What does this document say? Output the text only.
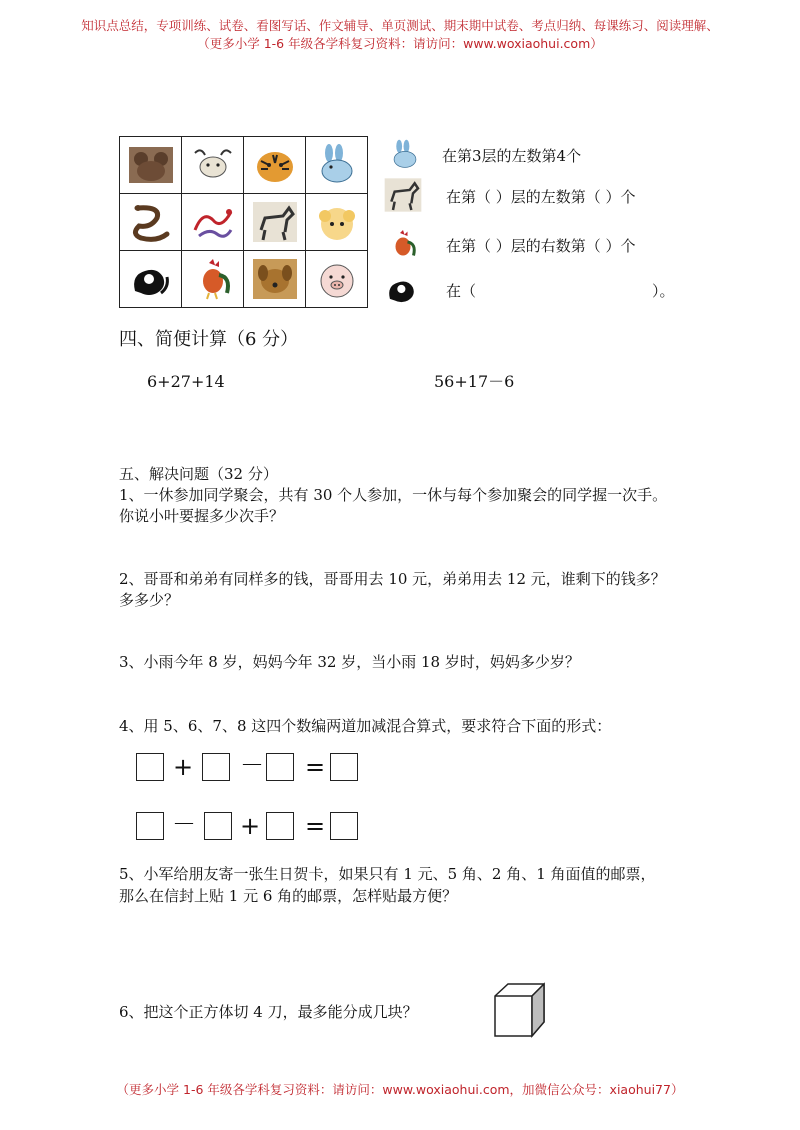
知识点总结，专项训练、试卷、看图写话、作文辅导、单页测试、期末期中试卷、考点归纳、每课练习、阅读理解、
（更多小学 1-6 年级各学科复习资料：请访问：www.woxiaohui.com）

在第3层的左数第4个
在第（ ）层的左数第（ ）个
在第（ ）层的右数第（ ）个
在（	）。
四、简便计算（6 分）
6+27+14	56+17－6
五、解决问题（32 分）
1、一休参加同学聚会，共有 30 个人参加，一休与每个参加聚会的同学握一次手。
你说小叶要握多少次手？
2、哥哥和弟弟有同样多的钱，哥哥用去 10 元，弟弟用去 12 元，谁剩下的钱多？
多多少？
3、小雨今年 8 岁，妈妈今年 32 岁，当小雨 18 岁时，妈妈多少岁？
4、用 5、6、7、8 这四个数编两道加减混合算式，要求符合下面的形式：
+ － =
－ + =
5、小军给朋友寄一张生日贺卡，如果只有 1 元、5 角、2 角、1 角面值的邮票，
那么在信封上贴 1 元 6 角的邮票，怎样贴最方便？
6、把这个正方体切 4 刀，最多能分成几块？
（更多小学 1-6 年级各学科复习资料：请访问：www.woxiaohui.com，加微信公众号：xiaohui77）
